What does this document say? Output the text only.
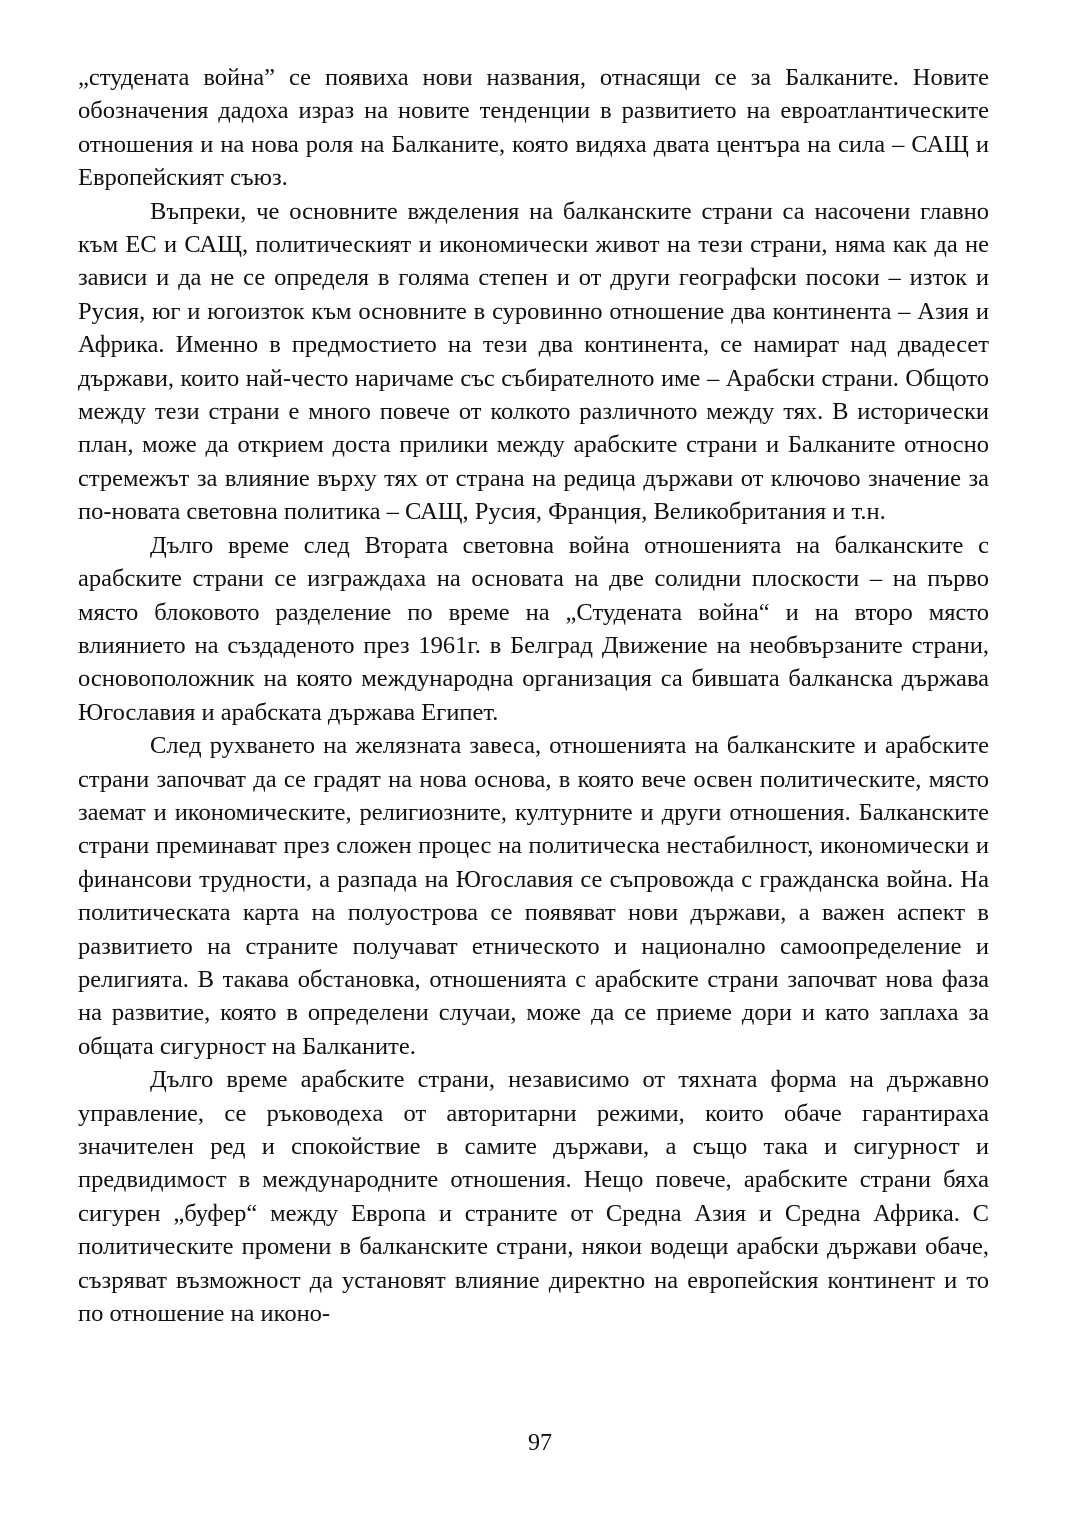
„студената война” се появиха нови названия, отнасящи се за Балканите. Новите обозначения дадоха израз на новите тенденции в развитието на евроатлантическите отношения и на нова роля на Балканите, която видяха двата центъра на сила – САЩ и Европейският съюз.

Въпреки, че основните вжделения на балканските страни са насочени главно към ЕС и САЩ, политическият и икономически живот на тези страни, няма как да не зависи и да не се определя в голяма степен и от други географски посоки – изток и Русия, юг и югоизток към основните в суровинно отношение два континента – Азия и Африка. Именно в предмостието на тези два континента, се намират над двадесет държави, които най-често наричаме със събирателното име – Арабски страни. Общото между тези страни е много повече от колкото различното между тях. В исторически план, може да открием доста прилики между арабските страни и Балканите относно стремежът за влияние върху тях от страна на редица държави от ключово значение за по-новата световна политика – САЩ, Русия, Франция, Великобритания и т.н.

Дълго време след Втората световна война отношенията на балканските с арабските страни се изграждаха на основата на две солидни плоскости – на първо място блоковото разделение по време на „Студената война“ и на второ място влиянието на създаденото през 1961г. в Белград Движение на необвързаните страни, основоположник на която международна организация са бившата балканска държава Югославия и арабската държава Египет.

След рухването на желязната завеса, отношенията на балканските и арабските страни започват да се градят на нова основа, в която вече освен политическите, място заемат и икономическите, религиозните, културните и други отношения. Балканските страни преминават през сложен процес на политическа нестабилност, икономически и финансови трудности, а разпада на Югославия се съпровожда с гражданска война. На политическата карта на полуострова се появяват нови държави, а важен аспект в развитието на страните получават етническото и национално самоопределение и религията. В такава обстановка, отношенията с арабските страни започват нова фаза на развитие, която в определени случаи, може да се приеме дори и като заплаха за общата сигурност на Балканите.

Дълго време арабските страни, независимо от тяхната форма на държавно управление, се ръководеха от авторитарни режими, които обаче гарантираха значителен ред и спокойствие в самите държави, а също така и сигурност и предвидимост в международните отношения. Нещо повече, арабските страни бяха сигурен „буфер“ между Европа и страните от Средна Азия и Средна Африка. С политическите промени в балканските страни, някои водещи арабски държави обаче, съзряват възможност да установят влияние директно на европейския континент и то по отношение на иконо-

97
